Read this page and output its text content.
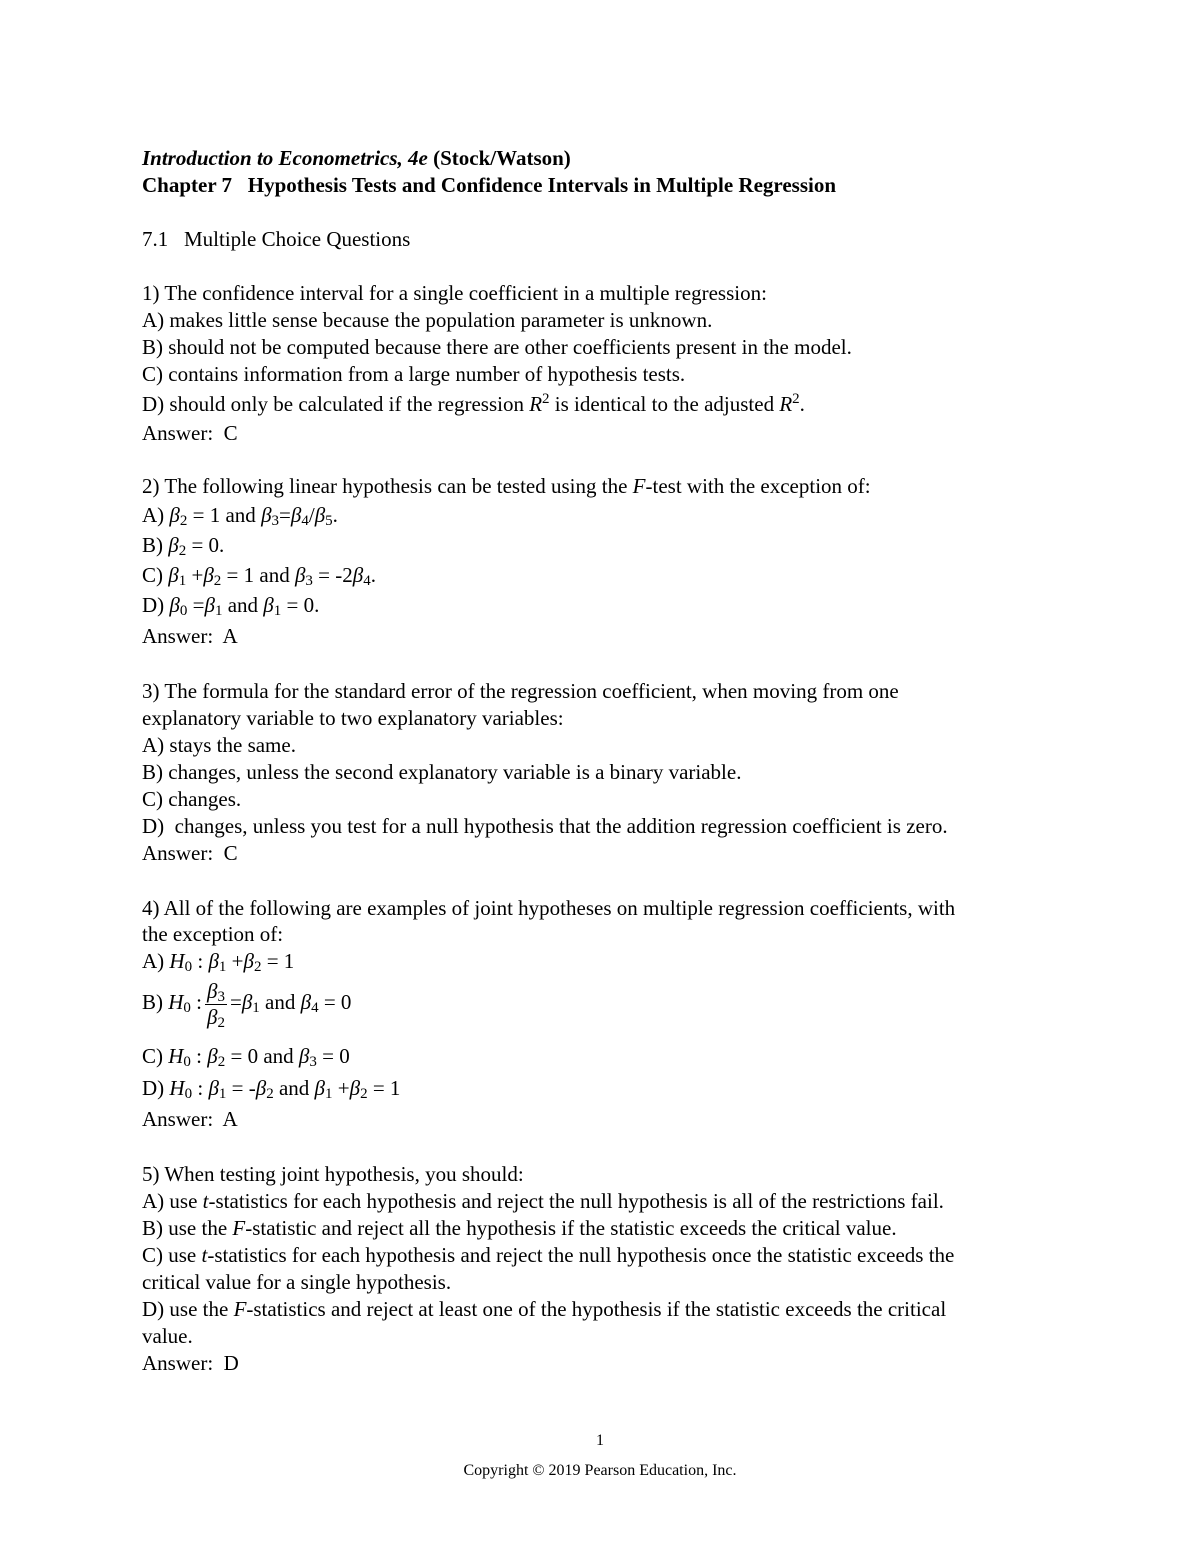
Introduction to Econometrics, 4e (Stock/Watson)
Chapter 7   Hypothesis Tests and Confidence Intervals in Multiple Regression
7.1   Multiple Choice Questions
1) The confidence interval for a single coefficient in a multiple regression:
A) makes little sense because the population parameter is unknown.
B) should not be computed because there are other coefficients present in the model.
C) contains information from a large number of hypothesis tests.
D) should only be calculated if the regression $R^2$ is identical to the adjusted $R^2$.
Answer:  C
2) The following linear hypothesis can be tested using the F-test with the exception of:
A) $\beta_2 = 1$ and $\beta_3=\beta_4/\beta_5$.
B) $\beta_2 = 0$.
C) $\beta_1 +\beta_2 = 1$ and $\beta_3 = -2\beta_4$.
D) $\beta_0 =\beta_1$ and $\beta_1 = 0$.
Answer:  A
3) The formula for the standard error of the regression coefficient, when moving from one
explanatory variable to two explanatory variables:
A) stays the same.
B) changes, unless the second explanatory variable is a binary variable.
C) changes.
D)  changes, unless you test for a null hypothesis that the addition regression coefficient is zero.
Answer:  C
4) All of the following are examples of joint hypotheses on multiple regression coefficients, with
the exception of:
A) $H_0$ : $\beta_1 +\beta_2 = 1$
B) $H_0$ : $\frac{\beta_3}{\beta_2} =\beta_1$ and $\beta_4 = 0$
C) $H_0$ : $\beta_2 = 0$ and $\beta_3 = 0$
D) $H_0$ : $\beta_1 = -\beta_2$ and $\beta_1 +\beta_2 = 1$
Answer:  A
5) When testing joint hypothesis, you should:
A) use t-statistics for each hypothesis and reject the null hypothesis is all of the restrictions fail.
B) use the F-statistic and reject all the hypothesis if the statistic exceeds the critical value.
C) use t-statistics for each hypothesis and reject the null hypothesis once the statistic exceeds the
critical value for a single hypothesis.
D) use the F-statistics and reject at least one of the hypothesis if the statistic exceeds the critical
value.
Answer:  D
1
Copyright © 2019 Pearson Education, Inc.
